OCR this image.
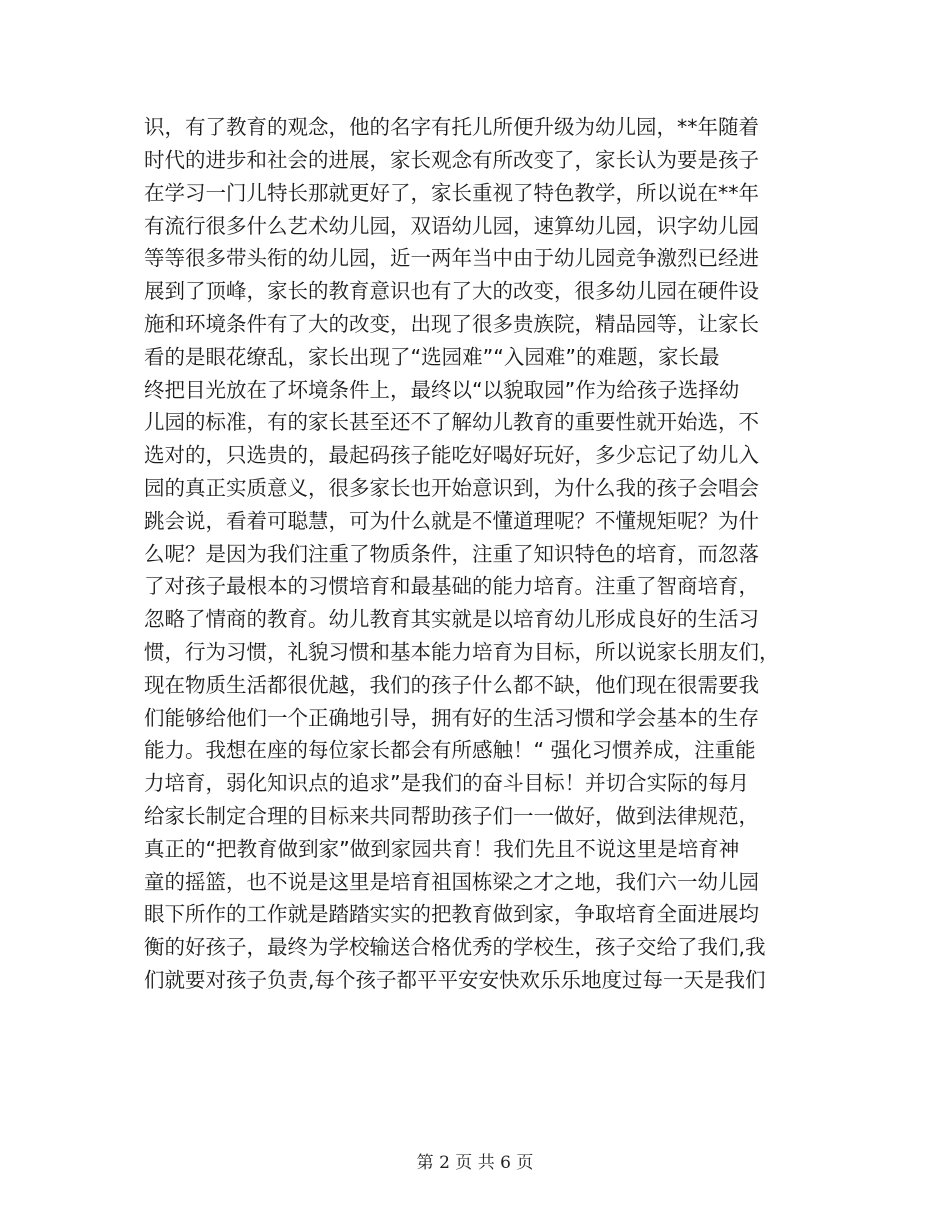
识，有了教育的观念，他的名字有托儿所便升级为幼儿园，**年随着
时代的进步和社会的进展，家长观念有所改变了，家长认为要是孩子
在学习一门儿特长那就更好了，家长重视了特色教学，所以说在**年
有流行很多什么艺术幼儿园，双语幼儿园，速算幼儿园，识字幼儿园
等等很多带头衔的幼儿园，近一两年当中由于幼儿园竞争激烈已经进
展到了顶峰，家长的教育意识也有了大的改变，很多幼儿园在硬件设
施和环境条件有了大的改变，出现了很多贵族院，精品园等，让家长
看的是眼花缭乱，家长出现了“选园难”“入园难”的难题，家长最
终把目光放在了坏境条件上，最终以“以貌取园”作为给孩子选择幼
儿园的标准，有的家长甚至还不了解幼儿教育的重要性就开始选，不
选对的，只选贵的，最起码孩子能吃好喝好玩好，多少忘记了幼儿入
园的真正实质意义，很多家长也开始意识到，为什么我的孩子会唱会
跳会说，看着可聪慧，可为什么就是不懂道理呢？不懂规矩呢？为什
么呢？是因为我们注重了物质条件，注重了知识特色的培育，而忽落
了对孩子最根本的习惯培育和最基础的能力培育。注重了智商培育，
忽略了情商的教育。幼儿教育其实就是以培育幼儿形成良好的生活习
惯，行为习惯，礼貌习惯和基本能力培育为目标，所以说家长朋友们，
现在物质生活都很优越，我们的孩子什么都不缺，他们现在很需要我
们能够给他们一个正确地引导，拥有好的生活习惯和学会基本的生存
能力。我想在座的每位家长都会有所感触！“ 强化习惯养成，注重能
力培育，弱化知识点的追求”是我们的奋斗目标！并切合实际的每月
给家长制定合理的目标来共同帮助孩子们一一做好，做到法律规范，
真正的“把教育做到家”做到家园共育！我们先且不说这里是培育神
童的摇篮，也不说是这里是培育祖国栋梁之才之地，我们六一幼儿园
眼下所作的工作就是踏踏实实的把教育做到家，争取培育全面进展均
衡的好孩子，最终为学校输送合格优秀的学校生，孩子交给了我们,我
们就要对孩子负责,每个孩子都平平安安快欢乐乐地度过每一天是我们
第 2 页 共 6 页
